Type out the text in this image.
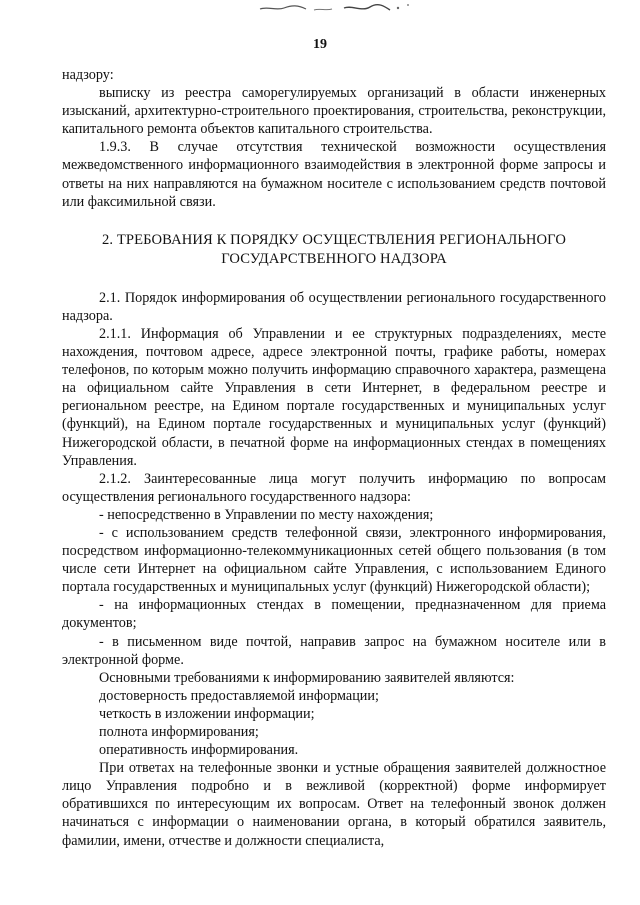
19

надзору:

выписку из реестра саморегулируемых организаций в области инженерных изысканий, архитектурно-строительного проектирования, строительства, реконструкции, капитального ремонта объектов капитального строительства.

1.9.3. В случае отсутствия технической возможности осуществления межведомственного информационного взаимодействия в электронной форме запросы и ответы на них направляются на бумажном носителе с использованием средств почтовой или факсимильной связи.

2. ТРЕБОВАНИЯ К ПОРЯДКУ ОСУЩЕСТВЛЕНИЯ РЕГИОНАЛЬНОГО ГОСУДАРСТВЕННОГО НАДЗОРА

2.1. Порядок информирования об осуществлении регионального государственного надзора.

2.1.1. Информация об Управлении и ее структурных подразделениях, месте нахождения, почтовом адресе, адресе электронной почты, графике работы, номерах телефонов, по которым можно получить информацию справочного характера, размещена на официальном сайте Управления в сети Интернет, в федеральном реестре и региональном реестре, на Едином портале государственных и муниципальных услуг (функций), на Едином портале государственных и муниципальных услуг (функций) Нижегородской области, в печатной форме на информационных стендах в помещениях Управления.

2.1.2. Заинтересованные лица могут получить информацию по вопросам осуществления регионального государственного надзора:

- непосредственно в Управлении по месту нахождения;

- с использованием средств телефонной связи, электронного информирования, посредством информационно-телекоммуникационных сетей общего пользования (в том числе сети Интернет на официальном сайте Управления, с использованием Единого портала государственных и муниципальных услуг (функций) Нижегородской области);

- на информационных стендах в помещении, предназначенном для приема документов;

- в письменном виде почтой, направив запрос на бумажном носителе или в электронной форме.

Основными требованиями к информированию заявителей являются:

достоверность предоставляемой информации;

четкость в изложении информации;

полнота информирования;

оперативность информирования.

При ответах на телефонные звонки и устные обращения заявителей должностное лицо Управления подробно и в вежливой (корректной) форме информирует обратившихся по интересующим их вопросам. Ответ на телефонный звонок должен начинаться с информации о наименовании органа, в который обратился заявитель, фамилии, имени, отчестве и должности специалиста,
